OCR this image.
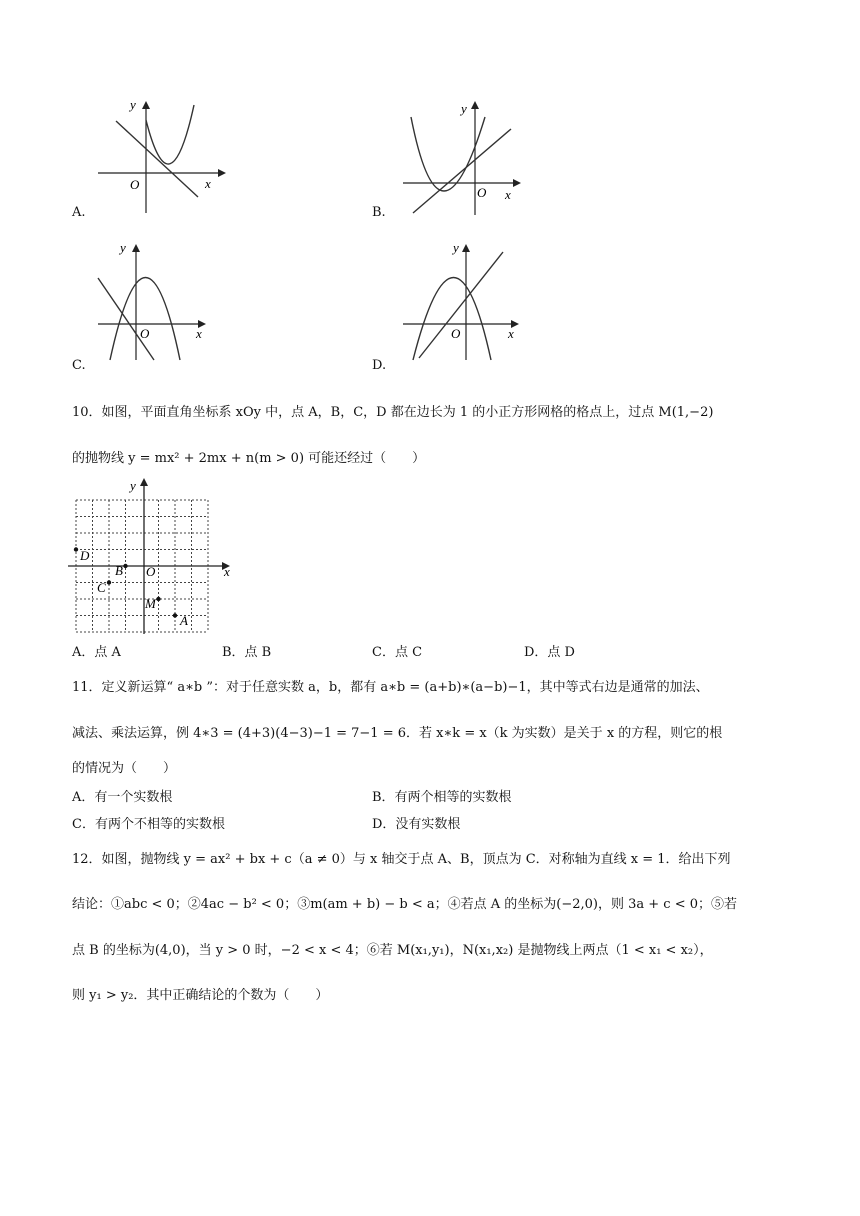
y
x
O
A.
y
x
O
B.
y
x
O
C.
y
x
O
D.
10．如图，平面直角坐标系 xOy 中，点 A，B，C，D 都在边长为 1 的小正方形网格的格点上，过点 M(1,−2)
的抛物线 y = mx² + 2mx + n(m > 0) 可能还经过（　　）
y
x
O
D
B
C
M
A
A．点 A	B．点 B	C．点 C	D．点 D
11．定义新运算“ a∗b ”：对于任意实数 a，b，都有 a∗b = (a+b)∗(a−b)−1，其中等式右边是通常的加法、
减法、乘法运算，例 4∗3 = (4+3)(4−3)−1 = 7−1 = 6．若 x∗k = x（k 为实数）是关于 x 的方程，则它的根
的情况为（　　）
A．有一个实数根	B．有两个相等的实数根
C．有两个不相等的实数根	D．没有实数根
12．如图，抛物线 y = ax² + bx + c（a ≠ 0）与 x 轴交于点 A、B，顶点为 C．对称轴为直线 x = 1．给出下列
结论：①abc < 0；②4ac − b² < 0；③m(am + b) − b < a；④若点 A 的坐标为(−2,0)，则 3a + c < 0；⑤若
点 B 的坐标为(4,0)，当 y > 0 时，−2 < x < 4；⑥若 M(x₁,y₁)，N(x₁,x₂) 是抛物线上两点（1 < x₁ < x₂），
则 y₁ > y₂．其中正确结论的个数为（　　）
